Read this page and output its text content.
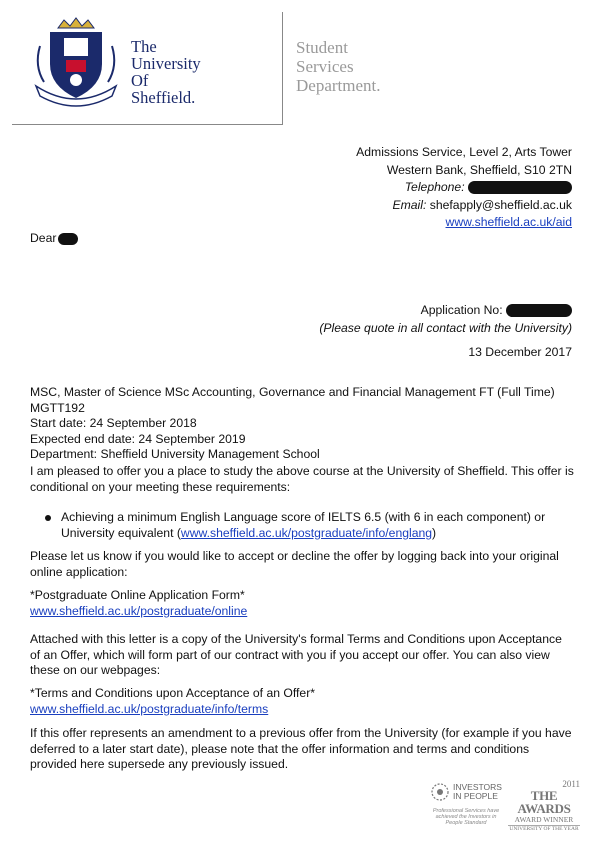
The
University
Of
Sheffield.
Student
Services
Department.
Admissions Service, Level 2, Arts Tower
Western Bank, Sheffield, S10 2TN
Telephone:
Email: shefapply@sheffield.ac.uk
www.sheffield.ac.uk/aid
Dear
Application No:
(Please quote in all contact with the University)
13 December 2017
MSC, Master of Science MSc Accounting, Governance and Financial Management FT (Full Time)
MGTT192
Start date: 24 September 2018
Expected end date: 24 September 2019
Department: Sheffield University Management School
I am pleased to offer you a place to study the above course at the University of Sheffield. This offer is conditional on your meeting these requirements:
Achieving a minimum English Language score of IELTS 6.5 (with 6 in each component) or University equivalent (www.sheffield.ac.uk/postgraduate/info/englang)
Please let us know if you would like to accept or decline the offer by logging back into your original online application:
*Postgraduate Online Application Form*
www.sheffield.ac.uk/postgraduate/online
Attached with this letter is a copy of the University's formal Terms and Conditions upon Acceptance of an Offer, which will form part of our contract with you if you accept our offer. You can also view these on our webpages:
*Terms and Conditions upon Acceptance of an Offer*
www.sheffield.ac.uk/postgraduate/info/terms
If this offer represents an amendment to a previous offer from the University (for example if you have deferred to a later start date), please note that the offer information and terms and conditions provided here supersede any previously issued.
INVESTORS
IN PEOPLE
Professional Services have achieved the Investors in People Standard
2011
THE AWARDS
AWARD WINNER
UNIVERSITY OF THE YEAR
